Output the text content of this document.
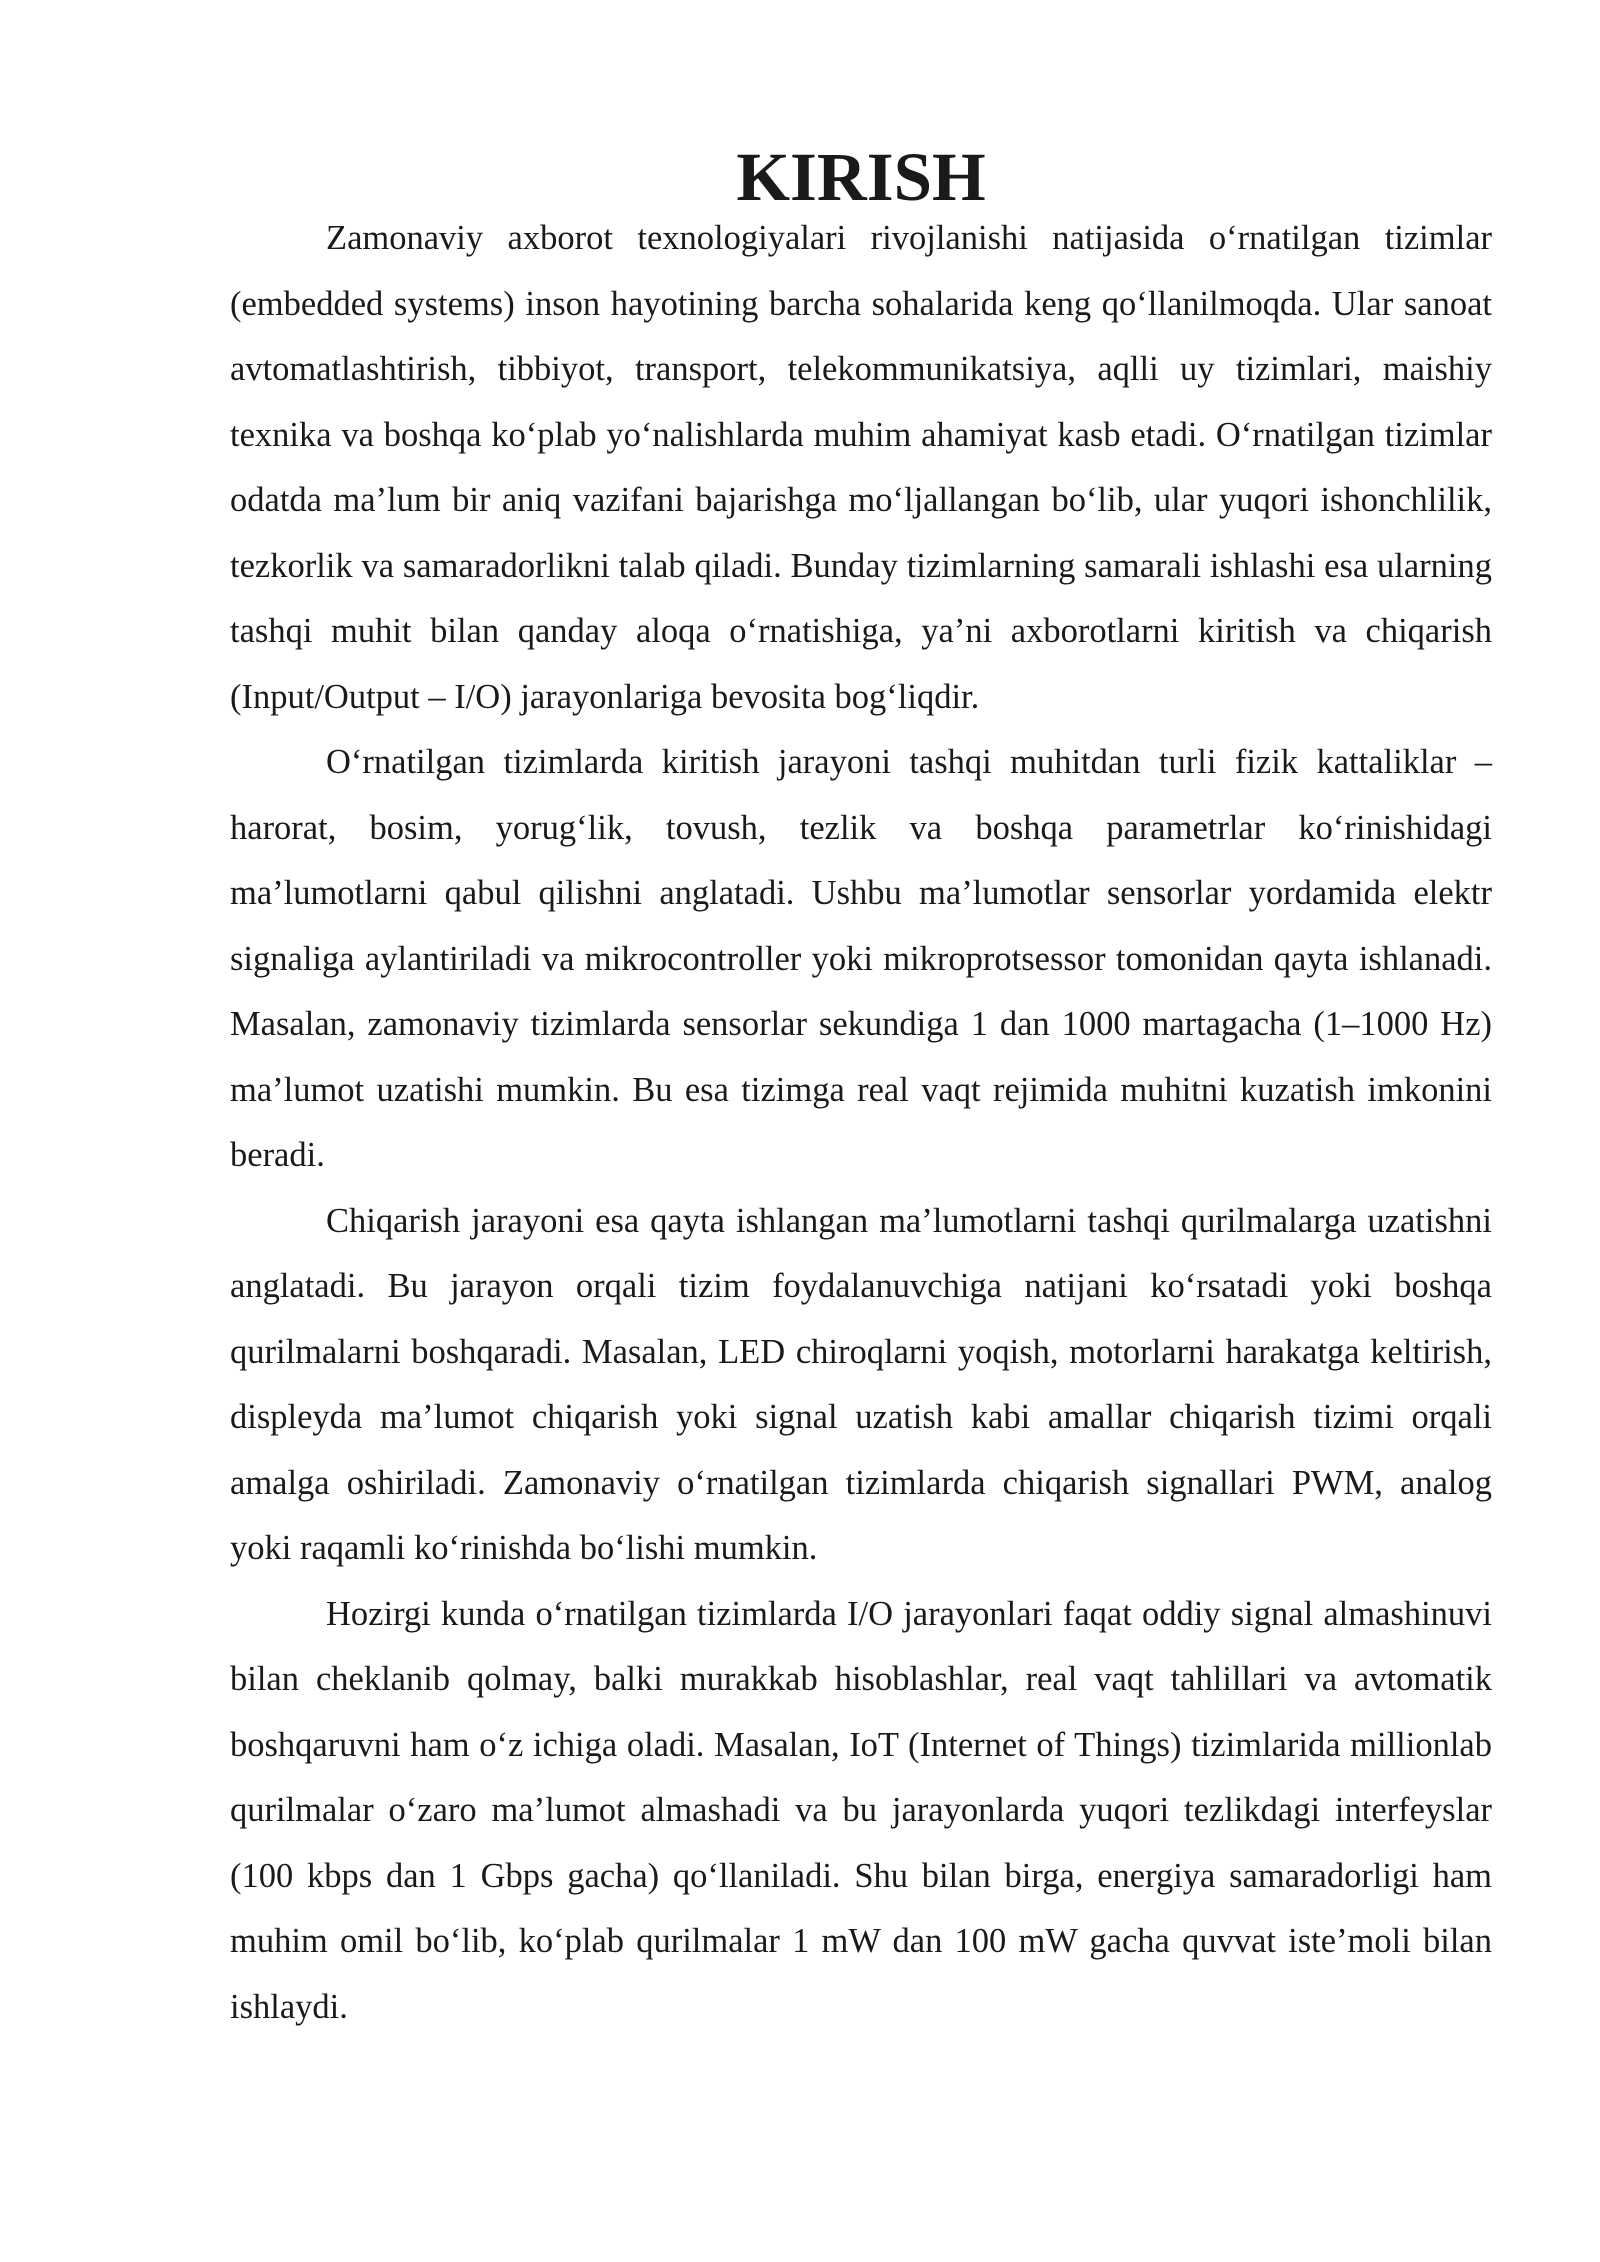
KIRISH

Zamonaviy axborot texnologiyalari rivojlanishi natijasida o‘rnatilgan tizimlar (embedded systems) inson hayotining barcha sohalarida keng qo‘llanilmoqda. Ular sanoat avtomatlashtirish, tibbiyot, transport, telekommunikatsiya, aqlli uy tizimlari, maishiy texnika va boshqa ko‘plab yo‘nalishlarda muhim ahamiyat kasb etadi. O‘rnatilgan tizimlar odatda ma’lum bir aniq vazifani bajarishga mo‘ljallangan bo‘lib, ular yuqori ishonchlilik, tezkorlik va samaradorlikni talab qiladi. Bunday tizimlarning samarali ishlashi esa ularning tashqi muhit bilan qanday aloqa o‘rnatishiga, ya’ni axborotlarni kiritish va chiqarish (Input/Output – I/O) jarayonlariga bevosita bog‘liqdir.

O‘rnatilgan tizimlarda kiritish jarayoni tashqi muhitdan turli fizik kattaliklar – harorat, bosim, yorug‘lik, tovush, tezlik va boshqa parametrlar ko‘rinishidagi ma’lumotlarni qabul qilishni anglatadi. Ushbu ma’lumotlar sensorlar yordamida elektr signaliga aylantiriladi va mikrocontroller yoki mikroprotsessor tomonidan qayta ishlanadi. Masalan, zamonaviy tizimlarda sensorlar sekundiga 1 dan 1000 martagacha (1–1000 Hz) ma’lumot uzatishi mumkin. Bu esa tizimga real vaqt rejimida muhitni kuzatish imkonini beradi.

Chiqarish jarayoni esa qayta ishlangan ma’lumotlarni tashqi qurilmalarga uzatishni anglatadi. Bu jarayon orqali tizim foydalanuvchiga natijani ko‘rsatadi yoki boshqa qurilmalarni boshqaradi. Masalan, LED chiroqlarni yoqish, motorlarni harakatga keltirish, displeyda ma’lumot chiqarish yoki signal uzatish kabi amallar chiqarish tizimi orqali amalga oshiriladi. Zamonaviy o‘rnatilgan tizimlarda chiqarish signallari PWM, analog yoki raqamli ko‘rinishda bo‘lishi mumkin.

Hozirgi kunda o‘rnatilgan tizimlarda I/O jarayonlari faqat oddiy signal almashinuvi bilan cheklanib qolmay, balki murakkab hisoblashlar, real vaqt tahlillari va avtomatik boshqaruvni ham o‘z ichiga oladi. Masalan, IoT (Internet of Things) tizimlarida millionlab qurilmalar o‘zaro ma’lumot almashadi va bu jarayonlarda yuqori tezlikdagi interfeyslar (100 kbps dan 1 Gbps gacha) qo‘llaniladi. Shu bilan birga, energiya samaradorligi ham muhim omil bo‘lib, ko‘plab qurilmalar 1 mW dan 100 mW gacha quvvat iste’moli bilan ishlaydi.
